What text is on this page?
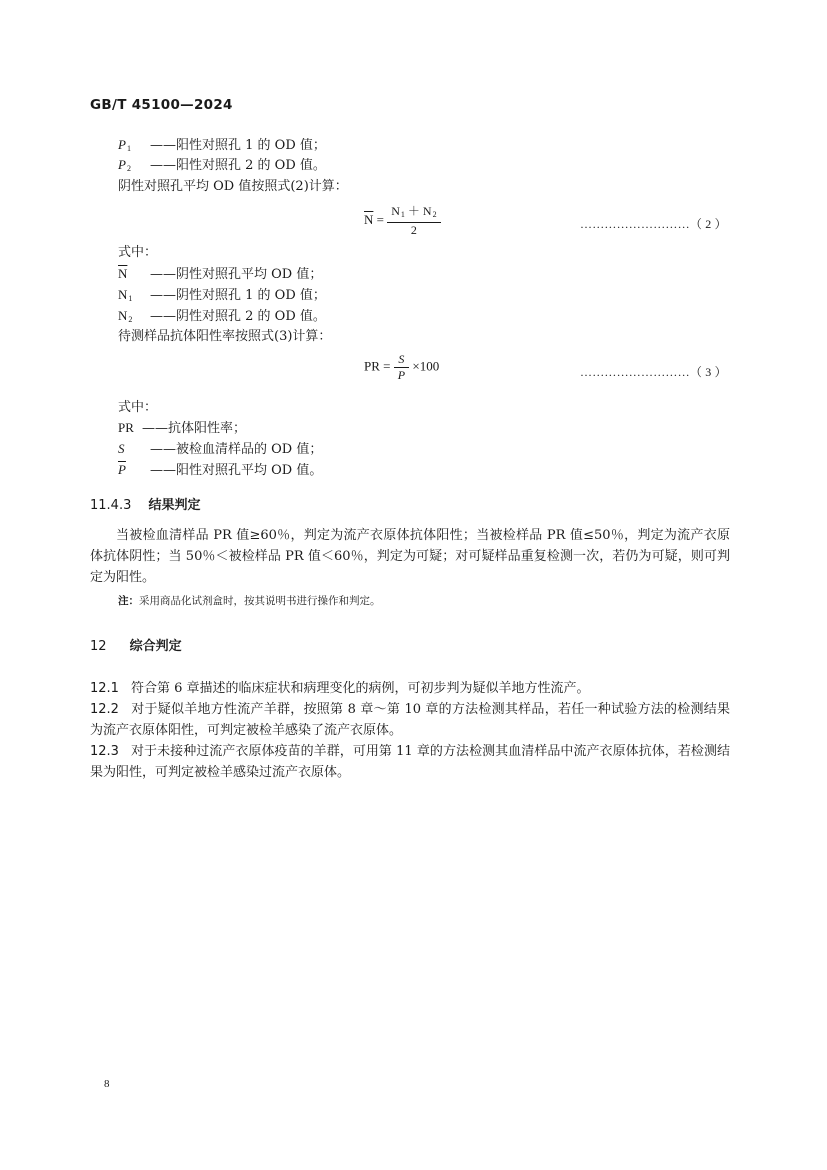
GB/T 45100—2024
$P_1$ ——阳性对照孔 1 的 OD 值；
$P_2$ ——阳性对照孔 2 的 OD 值。
阴性对照孔平均 OD 值按照式(2)计算：
$\overline{N} = \frac{N_1 + N_2}{2}$	………………………（ 2 ）
式中：
$\overline{N}$ ——阴性对照孔平均 OD 值；
$N_1$ ——阴性对照孔 1 的 OD 值；
$N_2$ ——阴性对照孔 2 的 OD 值。
待测样品抗体阳性率按照式(3)计算：
PR = $\frac{S}{P} \times 100$	………………………（ 3 ）
式中：
PR ——抗体阳性率；
S ——被检血清样品的 OD 值；
$\overline{P}$ ——阳性对照孔平均 OD 值。
11.4.3 结果判定
当被检血清样品 PR 值≥60％，判定为流产衣原体抗体阳性；当被检样品 PR 值≤50％，判定为流产衣原体抗体阴性；当 50％＜被检样品 PR 值＜60％，判定为可疑；对可疑样品重复检测一次，若仍为可疑，则可判定为阳性。
注：采用商品化试剂盒时，按其说明书进行操作和判定。
12 综合判定
12.1 符合第 6 章描述的临床症状和病理变化的病例，可初步判为疑似羊地方性流产。
12.2 对于疑似羊地方性流产羊群，按照第 8 章～第 10 章的方法检测其样品，若任一种试验方法的检测结果为流产衣原体阳性，可判定被检羊感染了流产衣原体。
12.3 对于未接种过流产衣原体疫苗的羊群，可用第 11 章的方法检测其血清样品中流产衣原体抗体，若检测结果为阳性，可判定被检羊感染过流产衣原体。
8
